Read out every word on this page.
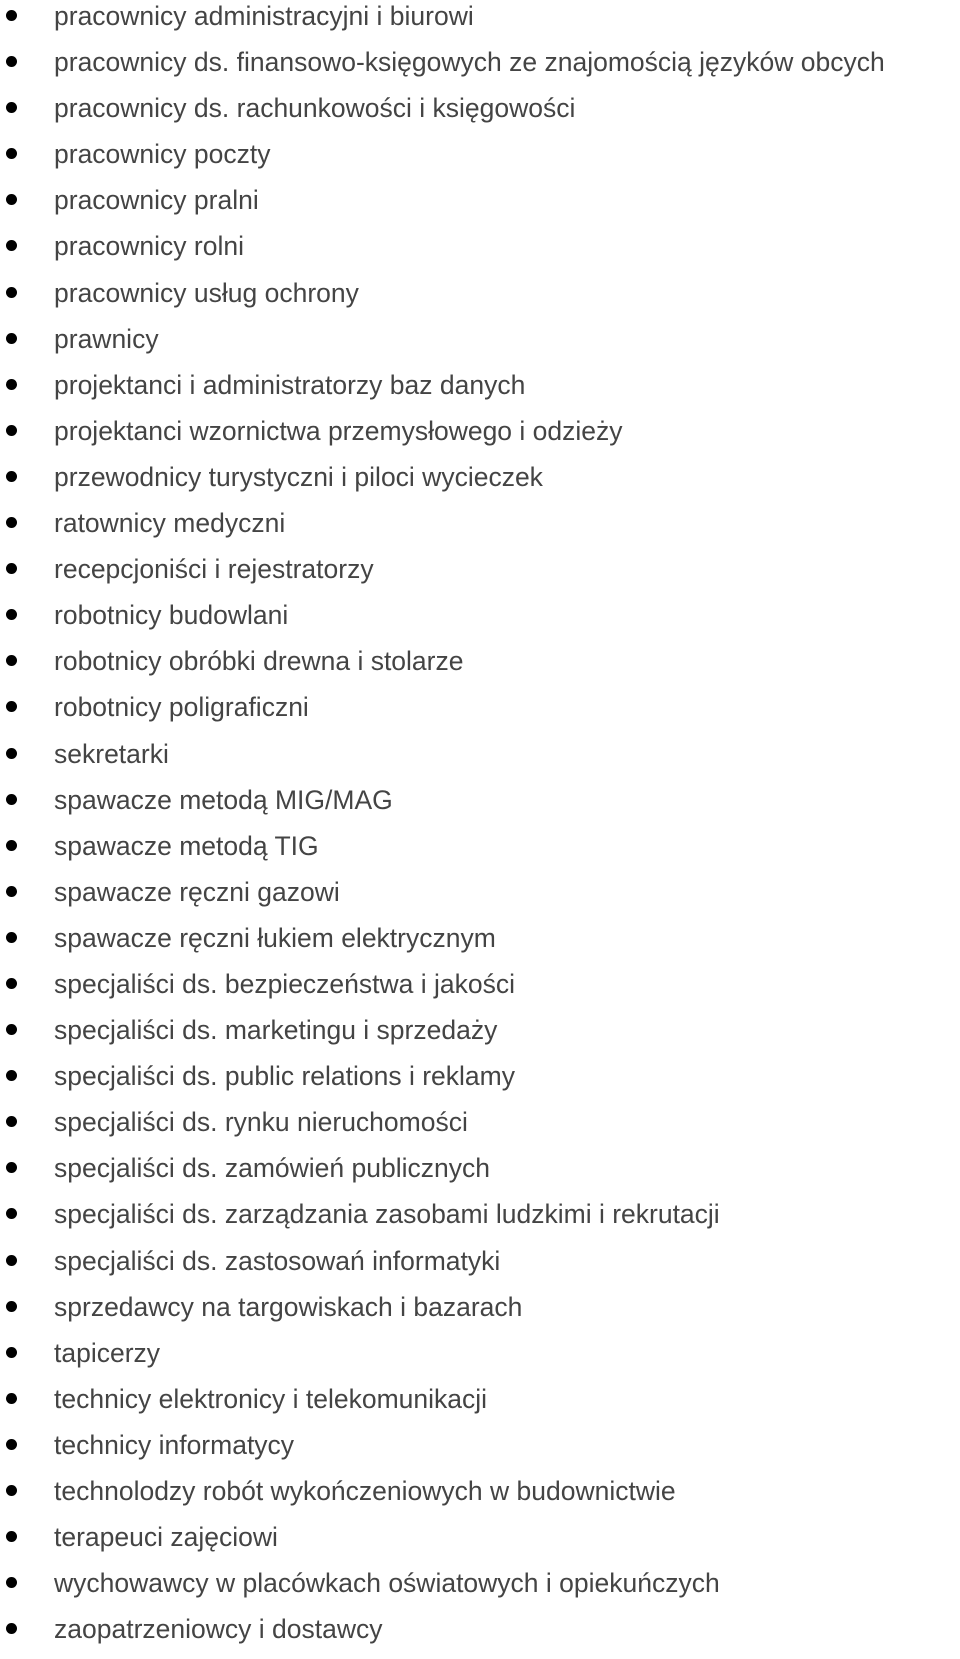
pracownicy administracyjni i biurowi
pracownicy ds. finansowo-księgowych ze znajomością języków obcych
pracownicy ds. rachunkowości i księgowości
pracownicy poczty
pracownicy pralni
pracownicy rolni
pracownicy usług ochrony
prawnicy
projektanci i administratorzy baz danych
projektanci wzornictwa przemysłowego i odzieży
przewodnicy turystyczni i piloci wycieczek
ratownicy medyczni
recepcjoniści i rejestratorzy
robotnicy budowlani
robotnicy obróbki drewna i stolarze
robotnicy poligraficzni
sekretarki
spawacze metodą MIG/MAG
spawacze metodą TIG
spawacze ręczni gazowi
spawacze ręczni łukiem elektrycznym
specjaliści ds. bezpieczeństwa i jakości
specjaliści ds. marketingu i sprzedaży
specjaliści ds. public relations i reklamy
specjaliści ds. rynku nieruchomości
specjaliści ds. zamówień publicznych
specjaliści ds. zarządzania zasobami ludzkimi i rekrutacji
specjaliści ds. zastosowań informatyki
sprzedawcy na targowiskach i bazarach
tapicerzy
technicy elektronicy i telekomunikacji
technicy informatycy
technolodzy robót wykończeniowych w budownictwie
terapeuci zajęciowi
wychowawcy w placówkach oświatowych i opiekuńczych
zaopatrzeniowcy i dostawcy
